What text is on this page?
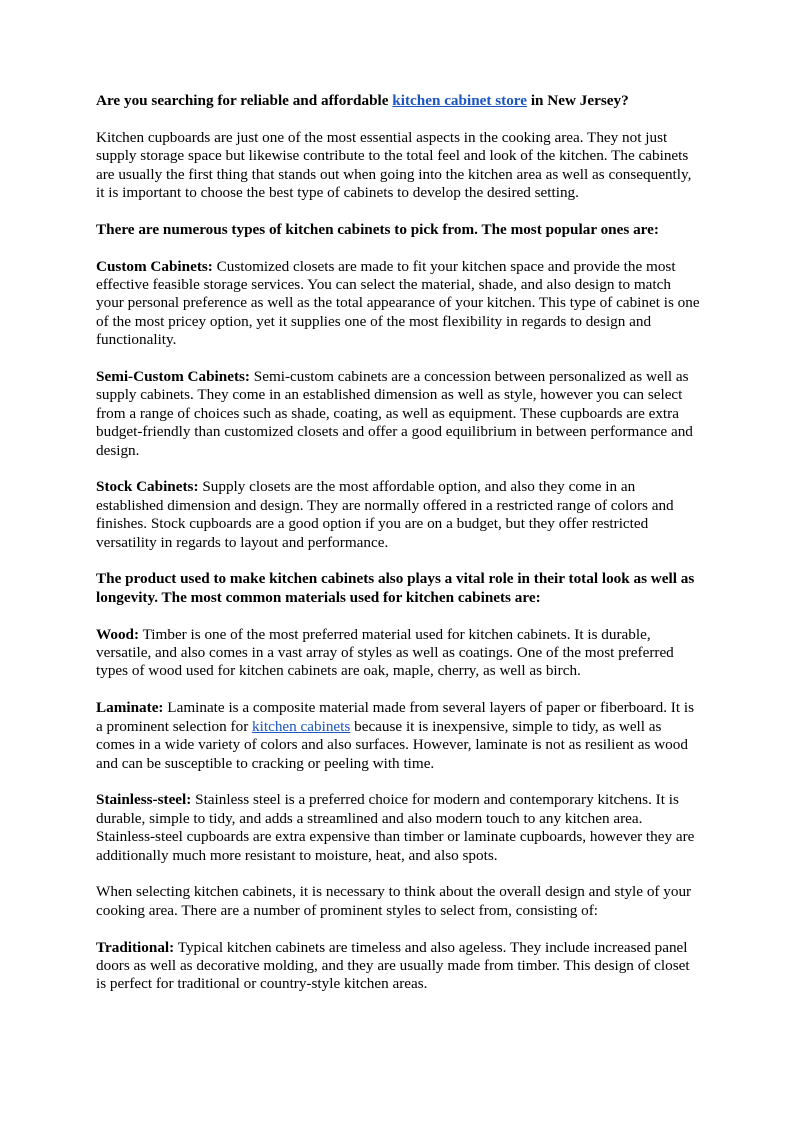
Are you searching for reliable and affordable kitchen cabinet store in New Jersey?

Kitchen cupboards are just one of the most essential aspects in the cooking area. They not just supply storage space but likewise contribute to the total feel and look of the kitchen. The cabinets are usually the first thing that stands out when going into the kitchen area as well as consequently, it is important to choose the best type of cabinets to develop the desired setting.

There are numerous types of kitchen cabinets to pick from. The most popular ones are:

Custom Cabinets: Customized closets are made to fit your kitchen space and provide the most effective feasible storage services. You can select the material, shade, and also design to match your personal preference as well as the total appearance of your kitchen. This type of cabinet is one of the most pricey option, yet it supplies one of the most flexibility in regards to design and functionality.

Semi-Custom Cabinets: Semi-custom cabinets are a concession between personalized as well as supply cabinets. They come in an established dimension as well as style, however you can select from a range of choices such as shade, coating, as well as equipment. These cupboards are extra budget-friendly than customized closets and offer a good equilibrium in between performance and design.

Stock Cabinets: Supply closets are the most affordable option, and also they come in an established dimension and design. They are normally offered in a restricted range of colors and finishes. Stock cupboards are a good option if you are on a budget, but they offer restricted versatility in regards to layout and performance.

The product used to make kitchen cabinets also plays a vital role in their total look as well as longevity. The most common materials used for kitchen cabinets are:

Wood: Timber is one of the most preferred material used for kitchen cabinets. It is durable, versatile, and also comes in a vast array of styles as well as coatings. One of the most preferred types of wood used for kitchen cabinets are oak, maple, cherry, as well as birch.

Laminate: Laminate is a composite material made from several layers of paper or fiberboard. It is a prominent selection for kitchen cabinets because it is inexpensive, simple to tidy, as well as comes in a wide variety of colors and also surfaces. However, laminate is not as resilient as wood and can be susceptible to cracking or peeling with time.

Stainless-steel: Stainless steel is a preferred choice for modern and contemporary kitchens. It is durable, simple to tidy, and adds a streamlined and also modern touch to any kitchen area. Stainless-steel cupboards are extra expensive than timber or laminate cupboards, however they are additionally much more resistant to moisture, heat, and also spots.

When selecting kitchen cabinets, it is necessary to think about the overall design and style of your cooking area. There are a number of prominent styles to select from, consisting of:

Traditional: Typical kitchen cabinets are timeless and also ageless. They include increased panel doors as well as decorative molding, and they are usually made from timber. This design of closet is perfect for traditional or country-style kitchen areas.
